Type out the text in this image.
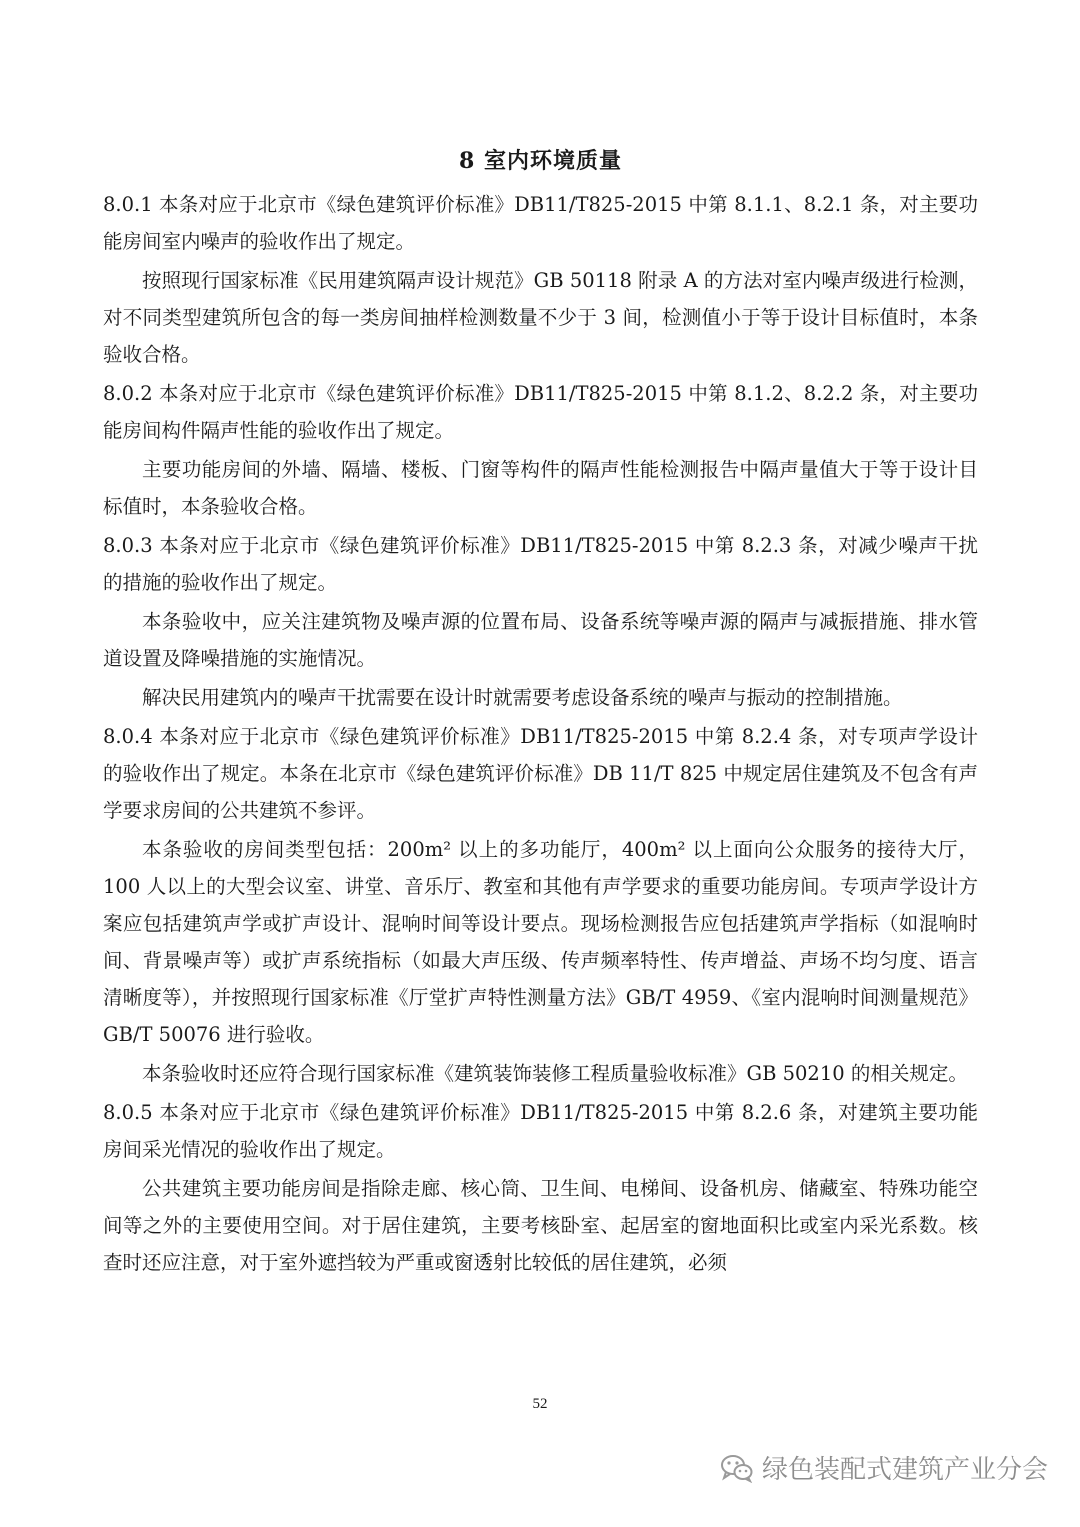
8 室内环境质量

8.0.1 本条对应于北京市《绿色建筑评价标准》DB11/T825-2015 中第 8.1.1、8.2.1 条，对主要功能房间室内噪声的验收作出了规定。

按照现行国家标准《民用建筑隔声设计规范》GB 50118 附录 A 的方法对室内噪声级进行检测，对不同类型建筑所包含的每一类房间抽样检测数量不少于 3 间，检测值小于等于设计目标值时，本条验收合格。

8.0.2 本条对应于北京市《绿色建筑评价标准》DB11/T825-2015 中第 8.1.2、8.2.2 条，对主要功能房间构件隔声性能的验收作出了规定。

主要功能房间的外墙、隔墙、楼板、门窗等构件的隔声性能检测报告中隔声量值大于等于设计目标值时，本条验收合格。

8.0.3 本条对应于北京市《绿色建筑评价标准》DB11/T825-2015 中第 8.2.3 条，对减少噪声干扰的措施的验收作出了规定。

本条验收中，应关注建筑物及噪声源的位置布局、设备系统等噪声源的隔声与减振措施、排水管道设置及降噪措施的实施情况。

解决民用建筑内的噪声干扰需要在设计时就需要考虑设备系统的噪声与振动的控制措施。

8.0.4 本条对应于北京市《绿色建筑评价标准》DB11/T825-2015 中第 8.2.4 条，对专项声学设计的验收作出了规定。本条在北京市《绿色建筑评价标准》DB 11/T 825 中规定居住建筑及不包含有声学要求房间的公共建筑不参评。

本条验收的房间类型包括：200m² 以上的多功能厅，400m² 以上面向公众服务的接待大厅，100 人以上的大型会议室、讲堂、音乐厅、教室和其他有声学要求的重要功能房间。专项声学设计方案应包括建筑声学或扩声设计、混响时间等设计要点。现场检测报告应包括建筑声学指标（如混响时间、背景噪声等）或扩声系统指标（如最大声压级、传声频率特性、传声增益、声场不均匀度、语言清晰度等），并按照现行国家标准《厅堂扩声特性测量方法》GB/T 4959、《室内混响时间测量规范》GB/T 50076 进行验收。

本条验收时还应符合现行国家标准《建筑装饰装修工程质量验收标准》GB 50210 的相关规定。

8.0.5 本条对应于北京市《绿色建筑评价标准》DB11/T825-2015 中第 8.2.6 条，对建筑主要功能房间采光情况的验收作出了规定。

公共建筑主要功能房间是指除走廊、核心筒、卫生间、电梯间、设备机房、储藏室、特殊功能空间等之外的主要使用空间。对于居住建筑，主要考核卧室、起居室的窗地面积比或室内采光系数。核查时还应注意，对于室外遮挡较为严重或窗透射比较低的居住建筑，必须

52
绿色装配式建筑产业分会
